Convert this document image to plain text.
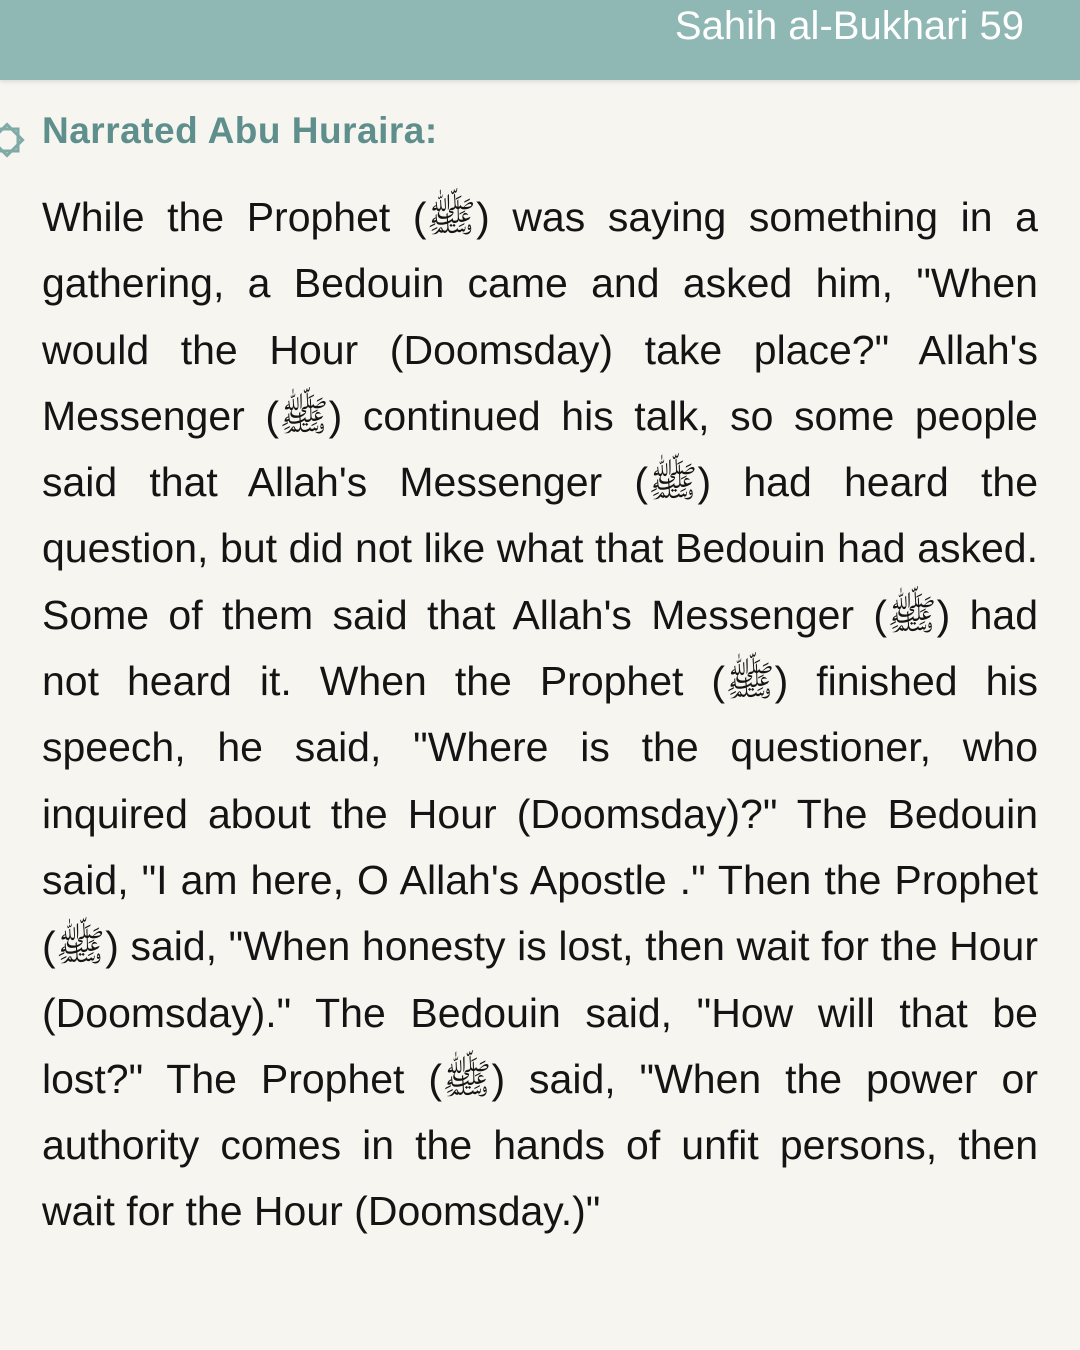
Sahih al-Bukhari 59
Narrated Abu Huraira:

While the Prophet (ﷺ) was saying something in a gathering, a Bedouin came and asked him, "When would the Hour (Doomsday) take place?" Allah's Messenger (ﷺ) continued his talk, so some people said that Allah's Messenger (ﷺ) had heard the question, but did not like what that Bedouin had asked. Some of them said that Allah's Messenger (ﷺ) had not heard it. When the Prophet (ﷺ) finished his speech, he said, "Where is the questioner, who inquired about the Hour (Doomsday)?" The Bedouin said, "I am here, O Allah's Apostle ." Then the Prophet (ﷺ) said, "When honesty is lost, then wait for the Hour (Doomsday)." The Bedouin said, "How will that be lost?" The Prophet (ﷺ) said, "When the power or authority comes in the hands of unfit persons, then wait for the Hour (Doomsday.)"
